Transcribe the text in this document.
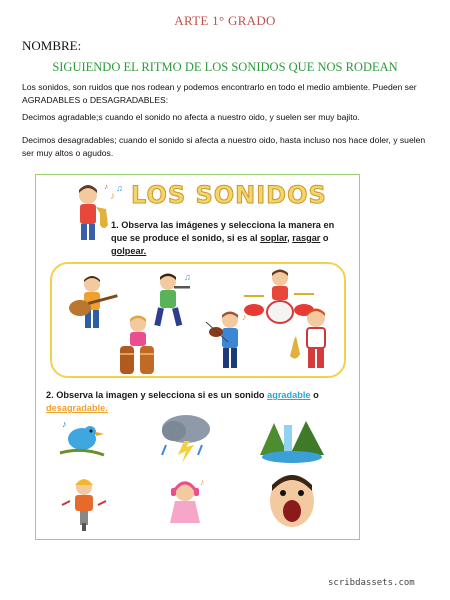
ARTE 1° GRADO
NOMBRE:
SIGUIENDO EL RITMO DE LOS SONIDOS QUE NOS RODEAN
Los sonidos, son ruidos que nos rodean y podemos encontrarlo en todo el medio ambiente. Pueden ser AGRADABLES o DESAGRADABLES:
Decimos agradable;s cuando el sonido no afecta a nuestro oido, y suelen ser muy bajito.
Decimos desagradables; cuando el sonido si afecta a nuestro oido, hasta incluso nos hace doler, y suelen ser muy altos o agudos.
♪
♫
♪ LOS SONIDOS
1. Observa las imágenes y selecciona la manera en que se produce el sonido, si es al soplar, rasgar o golpear.
♫
♪
2. Observa la imagen y selecciona si es un sonido agradable o desagradable.
♪
♪
scribdassets.com
